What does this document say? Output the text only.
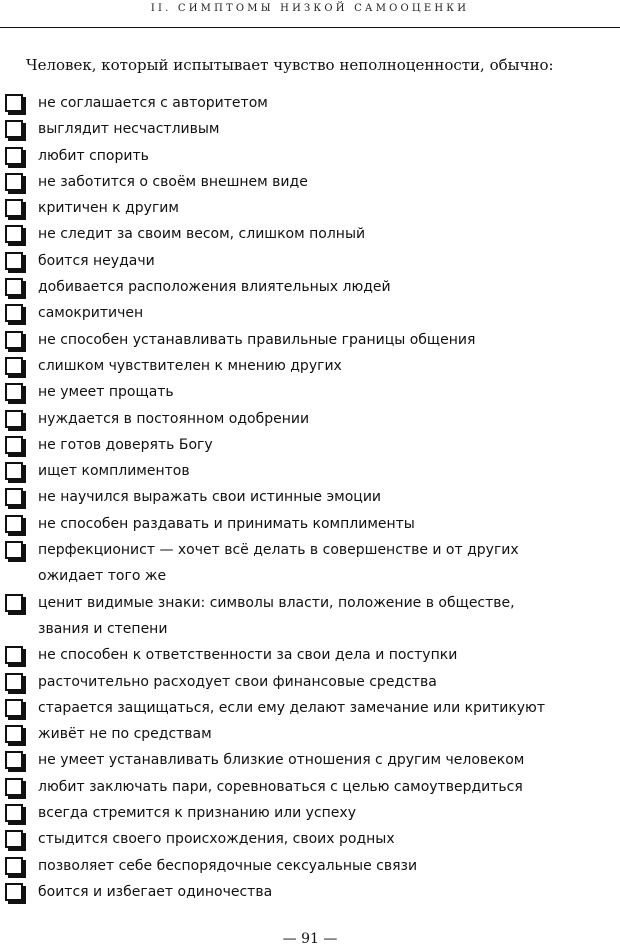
II. СИМПТОМЫ НИЗКОЙ САМООЦЕНКИ
Человек, который испытывает чувство неполноценности, обычно:
не соглашается с авторитетом
выглядит несчастливым
любит спорить
не заботится о своём внешнем виде
критичен к другим
не следит за своим весом, слишком полный
боится неудачи
добивается расположения влиятельных людей
самокритичен
не способен устанавливать правильные границы общения
слишком чувствителен к мнению других
не умеет прощать
нуждается в постоянном одобрении
не готов доверять Богу
ищет комплиментов
не научился выражать свои истинные эмоции
не способен раздавать и принимать комплименты
перфекционист — хочет всё делать в совершенстве и от других
ожидает того же
ценит видимые знаки: символы власти, положение в обществе,
звания и степени
не способен к ответственности за свои дела и поступки
расточительно расходует свои финансовые средства
старается защищаться, если ему делают замечание или критикуют
живёт не по средствам
не умеет устанавливать близкие отношения с другим человеком
любит заключать пари, соревноваться с целью самоутвердиться
всегда стремится к признанию или успеху
стыдится своего происхождения, своих родных
позволяет себе беспорядочные сексуальные связи
боится и избегает одиночества
— 91 —
